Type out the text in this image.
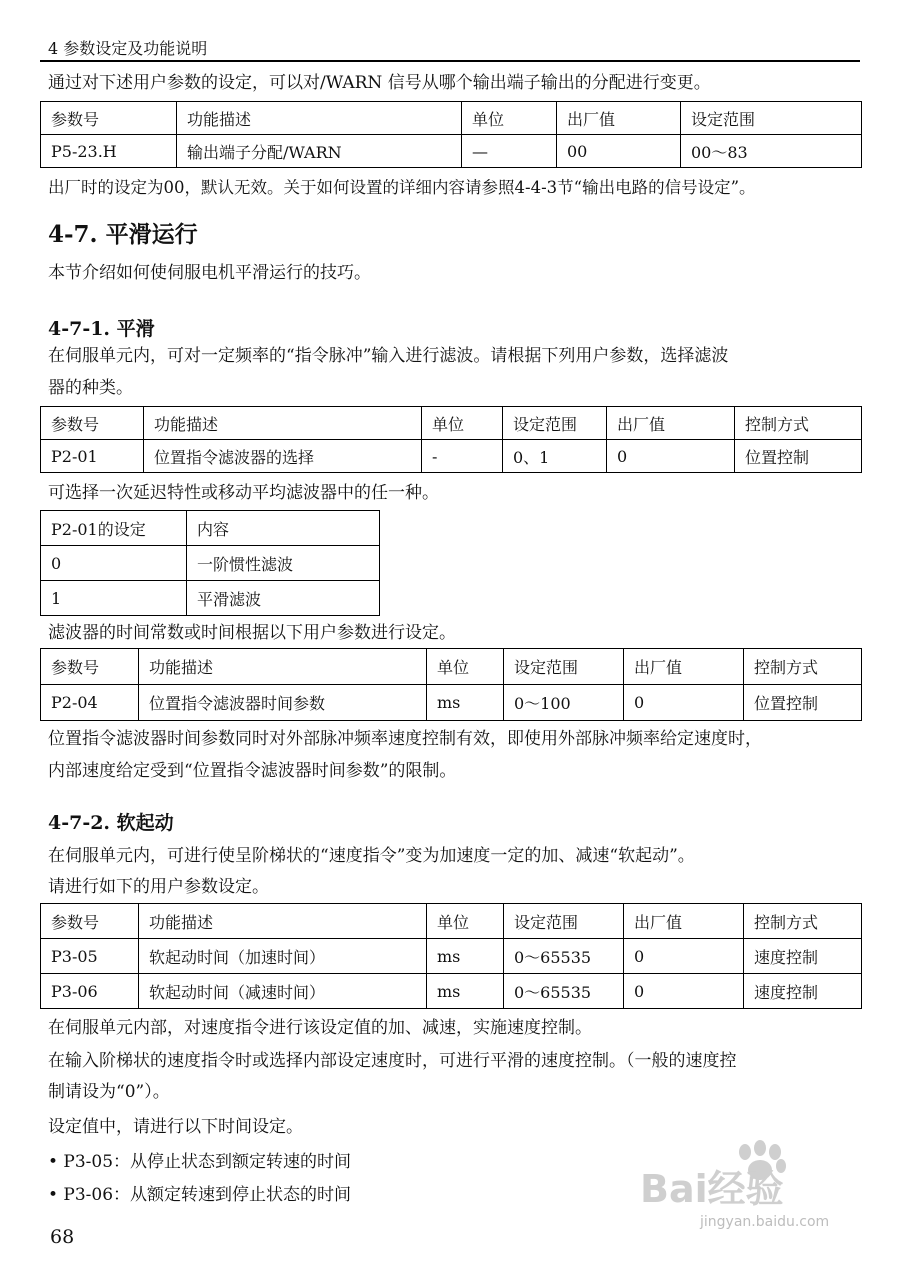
4 参数设定及功能说明
通过对下述用户参数的设定，可以对/WARN 信号从哪个输出端子输出的分配进行变更。
参数号	功能描述	单位	出厂值	设定范围
P5-23.H	输出端子分配/WARN	—	00	00～83
出厂时的设定为00，默认无效。关于如何设置的详细内容请参照4-4-3节“输出电路的信号设定”。
4-7. 平滑运行
本节介绍如何使伺服电机平滑运行的技巧。
4-7-1. 平滑
在伺服单元内，可对一定频率的“指令脉冲”输入进行滤波。请根据下列用户参数，选择滤波
器的种类。
参数号	功能描述	单位	设定范围	出厂值	控制方式
P2-01	位置指令滤波器的选择	-	0、1	0	位置控制
可选择一次延迟特性或移动平均滤波器中的任一种。
P2-01的设定	内容
0	一阶惯性滤波
1	平滑滤波
滤波器的时间常数或时间根据以下用户参数进行设定。
参数号	功能描述	单位	设定范围	出厂值	控制方式
P2-04	位置指令滤波器时间参数	ms	0～100	0	位置控制
位置指令滤波器时间参数同时对外部脉冲频率速度控制有效，即使用外部脉冲频率给定速度时，
内部速度给定受到“位置指令滤波器时间参数”的限制。
4-7-2. 软起动
在伺服单元内，可进行使呈阶梯状的“速度指令”变为加速度一定的加、减速“软起动”。
请进行如下的用户参数设定。
参数号	功能描述	单位	设定范围	出厂值	控制方式
P3-05	软起动时间（加速时间）	ms	0～65535	0	速度控制
P3-06	软起动时间（减速时间）	ms	0～65535	0	速度控制
在伺服单元内部，对速度指令进行该设定值的加、减速，实施速度控制。
在输入阶梯状的速度指令时或选择内部设定速度时，可进行平滑的速度控制。（一般的速度控
制请设为“0”）。
设定值中，请进行以下时间设定。
• P3-05：从停止状态到额定转速的时间
• P3-06：从额定转速到停止状态的时间
68
Bai经验
jingyan.baidu.com
